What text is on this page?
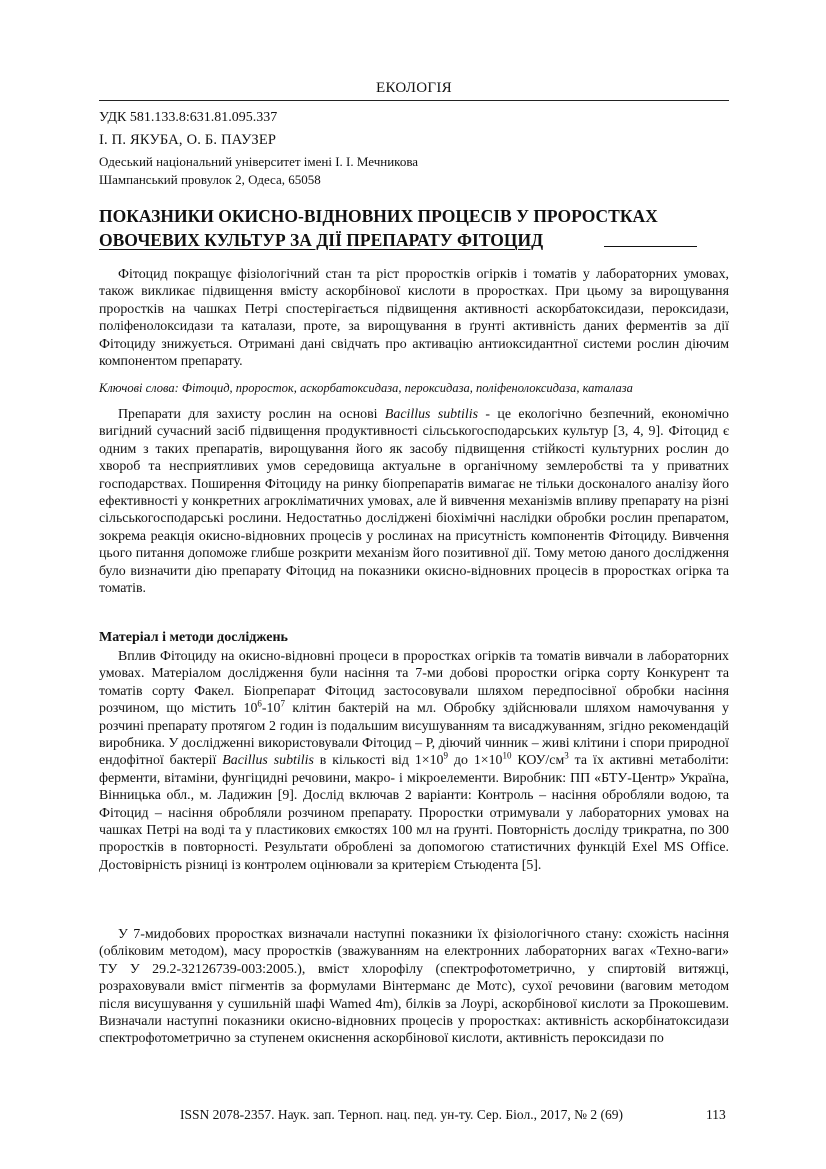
ЕКОЛОГІЯ
УДК 581.133.8:631.81.095.337
І. П. ЯКУБА, О. Б. ПАУЗЕР
Одеський національний університет імені І. І. Мечникова
Шампанський провулок 2, Одеса, 65058
ПОКАЗНИКИ ОКИСНО-ВІДНОВНИХ ПРОЦЕСІВ У ПРОРОСТКАХ
ОВОЧЕВИХ КУЛЬТУР ЗА ДІЇ ПРЕПАРАТУ ФІТОЦИД
Фітоцид покращує фізіологічний стан та ріст проростків огірків і томатів у лабораторних умовах, також викликає підвищення вмісту аскорбінової кислоти в проростках. При цьому за вирощування проростків на чашках Петрі спостерігається підвищення активності аскорбатоксидази, пероксидази, поліфенолоксидази та каталази, проте, за вирощування в ґрунті активність даних ферментів за дії Фітоциду знижується. Отримані дані свідчать про активацію антиоксидантної системи рослин діючим компонентом препарату.
Ключові слова: Фітоцид, проросток, аскорбатоксидаза, пероксидаза, поліфенолоксидаза, каталаза
Препарати для захисту рослин на основі Bacillus subtilis - це екологічно безпечний, економічно вигідний сучасний засіб підвищення продуктивності сільськогосподарських культур [3, 4, 9]. Фітоцид є одним з таких препаратів, вирощування його як засобу підвищення стійкості культурних рослин до хвороб та несприятливих умов середовища актуальне в органічному землеробстві та у приватних господарствах. Поширення Фітоциду на ринку біопрепаратів вимагає не тільки досконалого аналізу його ефективності у конкретних агрокліматичних умовах, але й вивчення механізмів впливу препарату на різні сільськогосподарські рослини. Недостатньо досліджені біохімічні наслідки обробки рослин препаратом, зокрема реакція окисно-відновних процесів у рослинах на присутність компонентів Фітоциду. Вивчення цього питання допоможе глибше розкрити механізм його позитивної дії. Тому метою даного дослідження було визначити дію препарату Фітоцид на показники окисно-відновних процесів в проростках огірка та томатів.
Матеріал і методи досліджень
Вплив Фітоциду на окисно-відновні процеси в проростках огірків та томатів вивчали в лабораторних умовах. Матеріалом дослідження були насіння та 7-ми добові проростки огірка сорту Конкурент та томатів сорту Факел. Біопрепарат Фітоцид застосовували шляхом передпосівної обробки насіння розчином, що містить $10^6-10^7$ клітин бактерій на мл. Обробку здійснювали шляхом намочування у розчині препарату протягом 2 годин із подальшим висушуванням та висаджуванням, згідно рекомендацій виробника. У дослідженні використовували Фітоцид – Р, діючий чинник – живі клітини і спори природної ендофітної бактерії Bacillus subtilis в кількості від $1\times 10^9$ до $1\times 10^{10}$ КОУ/$см^3$ та їх активні метаболіти: ферменти, вітаміни, фунгіцидні речовини, макро- і мікроелементи. Виробник: ПП «БТУ-Центр» Україна, Вінницька обл., м. Ладижин [9]. Дослід включав 2 варіанти: Контроль – насіння обробляли водою, та Фітоцид – насіння обробляли розчином препарату. Проростки отримували у лабораторних умовах на чашках Петрі на воді та у пластикових ємкостях 100 мл на ґрунті. Повторність досліду трикратна, по 300 проростків в повторності. Результати оброблені за допомогою статистичних функцій Exel MS Office. Достовірність різниці із контролем оцінювали за критерієм Стьюдента [5].
У 7-мидобових проростках визначали наступні показники їх фізіологічного стану: схожість насіння (обліковим методом), масу проростків (зважуванням на електронних лабораторних вагах «Техно-ваги» ТУ У 29.2-32126739-003:2005.), вміст хлорофілу (спектрофотометрично, у спиртовій витяжці, розраховували вміст пігментів за формулами Вінтерманс де Мотс), сухої речовини (ваговим методом після висушування у сушильній шафі Wamed 4m), білків за Лоурі, аскорбінової кислоти за Прокошевим. Визначали наступні показники окисно-відновних процесів у проростках: активність аскорбінатоксидази спектрофотометрично за ступенем окиснення аскорбінової кислоти, активність пероксидази по
ISSN 2078-2357. Наук. зап. Терноп. нац. пед. ун-ту. Сер. Біол., 2017, № 2 (69)	113
